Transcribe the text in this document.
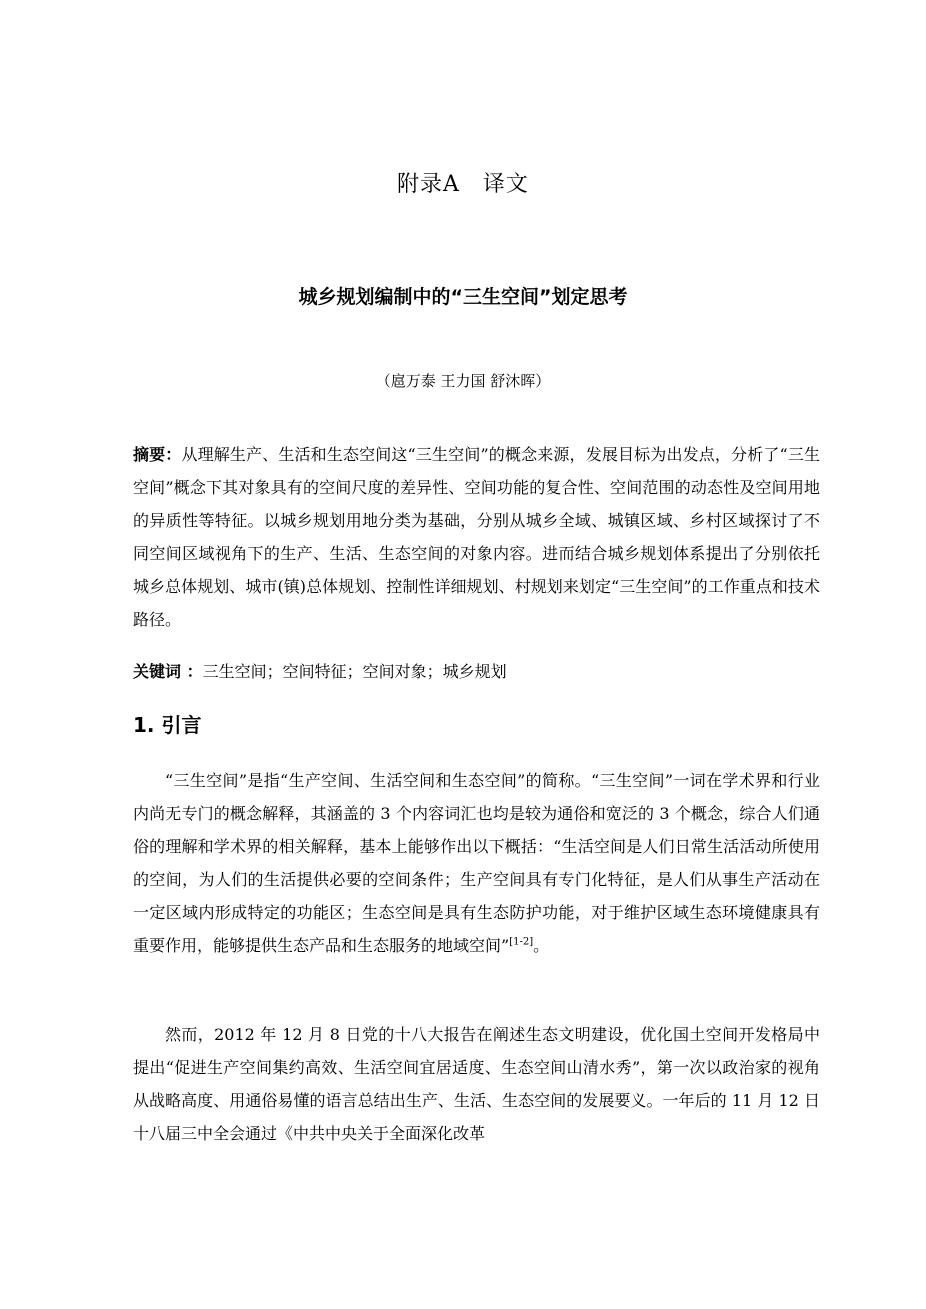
附录A　译文
城乡规划编制中的“三生空间”划定思考
（扈万泰 王力国 舒沐晖）
摘要：从理解生产、生活和生态空间这“三生空间”的概念来源，发展目标为出发点，分析了“三生空间”概念下其对象具有的空间尺度的差异性、空间功能的复合性、空间范围的动态性及空间用地的异质性等特征。以城乡规划用地分类为基础，分别从城乡全域、城镇区域、乡村区域探讨了不同空间区域视角下的生产、生活、生态空间的对象内容。进而结合城乡规划体系提出了分别依托城乡总体规划、城市(镇)总体规划、控制性详细规划、村规划来划定“三生空间”的工作重点和技术路径。
关键词 ：三生空间；空间特征；空间对象；城乡规划
1. 引言

“三生空间”是指“生产空间、生活空间和生态空间”的简称。“三生空间”一词在学术界和行业内尚无专门的概念解释，其涵盖的 3 个内容词汇也均是较为通俗和宽泛的 3 个概念，综合人们通俗的理解和学术界的相关解释，基本上能够作出以下概括：“生活空间是人们日常生活活动所使用的空间，为人们的生活提供必要的空间条件；生产空间具有专门化特征，是人们从事生产活动在一定区域内形成特定的功能区；生态空间是具有生态防护功能，对于维护区域生态环境健康具有重要作用，能够提供生态产品和生态服务的地域空间”[1-2]。

然而，2012 年 12 月 8 日党的十八大报告在阐述生态文明建设，优化国土空间开发格局中提出“促进生产空间集约高效、生活空间宜居适度、生态空间山清水秀”，第一次以政治家的视角从战略高度、用通俗易懂的语言总结出生产、生活、生态空间的发展要义。一年后的 11 月 12 日十八届三中全会通过《中共中央关于全面深化改革
